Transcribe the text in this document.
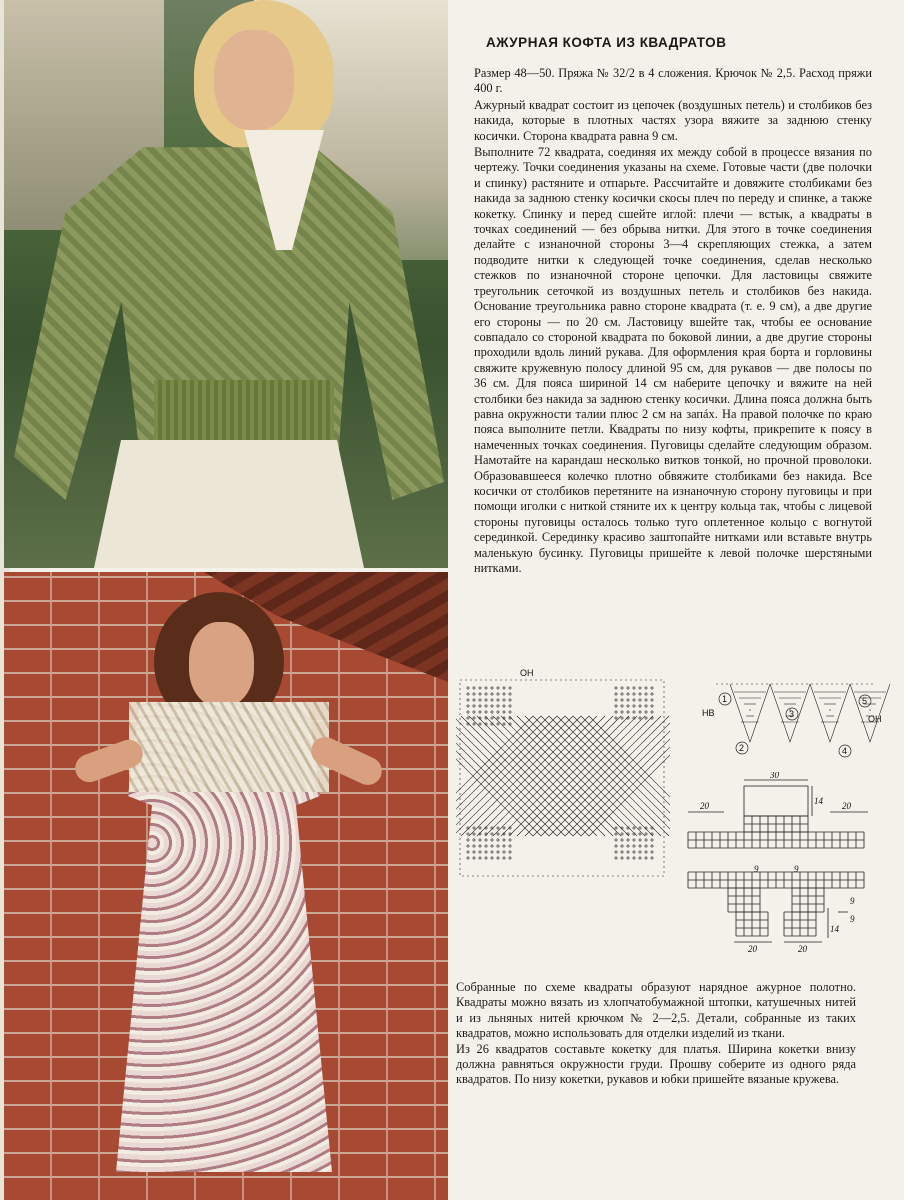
АЖУРНАЯ КОФТА ИЗ КВАДРАТОВ

Размер 48—50. Пряжа № 32/2 в 4 сложения. Крючок № 2,5. Расход пряжи 400 г.

Ажурный квадрат состоит из цепочек (воздушных петель) и столбиков без накида, которые в плотных частях узора вяжите за заднюю стенку косички. Сторона квадрата равна 9 см.

Выполните 72 квадрата, соединяя их между собой в процессе вязания по чертежу. Точки соединения указаны на схеме. Готовые части (две полочки и спинку) растяните и отпарьте. Рассчитайте и довяжите столбиками без накида за заднюю стенку косички скосы плеч по переду и спинке, а также кокетку. Спинку и перед сшейте иглой: плечи — встык, а квадраты в точках соединений — без обрыва нитки. Для этого в точке соединения делайте с изнаночной стороны 3—4 скрепляющих стежка, а затем подводите нитки к следующей точке соединения, сделав несколько стежков по изнаночной стороне цепочки. Для ластовицы свяжите треугольник сеточкой из воздушных петель и столбиков без накида. Основание треугольника равно стороне квадрата (т. е. 9 см), а две другие его стороны — по 20 см. Ластовицу вшейте так, чтобы ее основание совпадало со стороной квадрата по боковой линии, а две другие стороны проходили вдоль линий рукава. Для оформления края борта и горловины свяжите кружевную полосу длиной 95 см, для рукавов — две полосы по 36 см. Для пояса шириной 14 см наберите цепочку и вяжите на ней столбики без накида за заднюю стенку косички. Длина пояса должна быть равна окружности талии плюс 2 см на запáх. На правой полочке по краю пояса выполните петли. Квадраты по низу кофты, прикрепите к поясу в намеченных точках соединения. Пуговицы сделайте следующим образом. Намотайте на карандаш несколько витков тонкой, но прочной проволоки. Образовавшееся колечко плотно обвяжите столбиками без накида. Все косички от столбиков перетяните на изнаночную сторону пуговицы и при помощи иголки с ниткой стяните их к центру кольца так, чтобы с лицевой стороны пуговицы осталось только туго оплетенное кольцо с вогнутой серединкой. Серединку красиво заштопайте нитками или вставьте внутрь маленькую бусинку. Пуговицы пришейте к левой полочке шерстяными нитками.

ОН
НВ
ОН
1
2
3
4
5
30
14
20	20
9	9
20	20
14
9
9

Собранные по схеме квадраты образуют нарядное ажурное полотно. Квадраты можно вязать из хлопчатобумажной штопки, катушечных нитей и из льняных нитей крючком № 2—2,5. Детали, собранные из таких квадратов, можно использовать для отделки изделий из ткани.

Из 26 квадратов составьте кокетку для платья. Ширина кокетки внизу должна равняться окружности груди. Прошву соберите из одного ряда квадратов. По низу кокетки, рукавов и юбки пришейте вязаные кружева.
